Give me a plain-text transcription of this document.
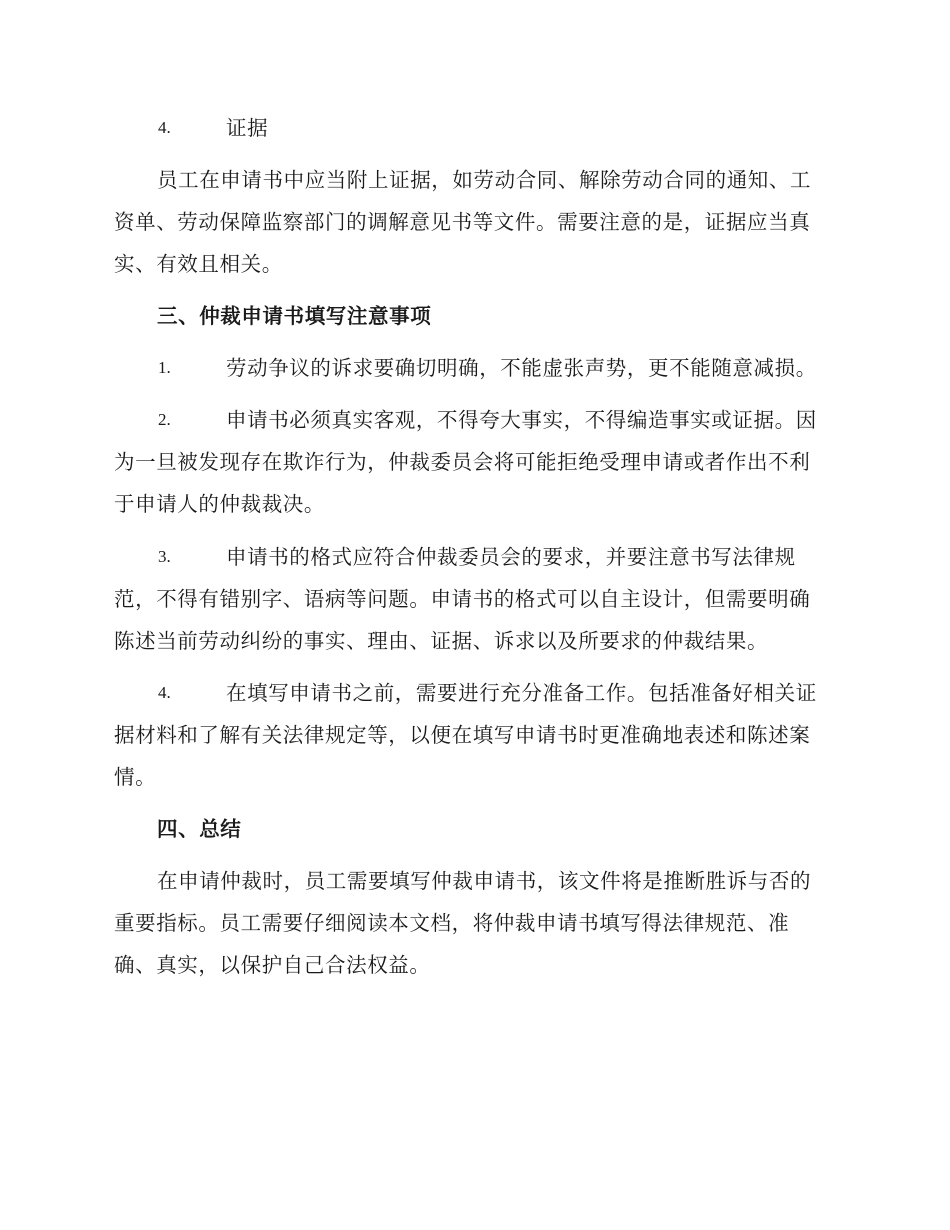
4.	证据
员工在申请书中应当附上证据，如劳动合同、解除劳动合同的通知、工
资单、劳动保障监察部门的调解意见书等文件。需要注意的是，证据应当真
实、有效且相关。
三、仲裁申请书填写注意事项
1.	劳动争议的诉求要确切明确，不能虚张声势，更不能随意减损。
2.	申请书必须真实客观，不得夸大事实，不得编造事实或证据。因
为一旦被发现存在欺诈行为，仲裁委员会将可能拒绝受理申请或者作出不利
于申请人的仲裁裁决。
3.	申请书的格式应符合仲裁委员会的要求，并要注意书写法律规
范，不得有错别字、语病等问题。申请书的格式可以自主设计，但需要明确
陈述当前劳动纠纷的事实、理由、证据、诉求以及所要求的仲裁结果。
4.	在填写申请书之前，需要进行充分准备工作。包括准备好相关证
据材料和了解有关法律规定等，以便在填写申请书时更准确地表述和陈述案
情。
四、总结
在申请仲裁时，员工需要填写仲裁申请书，该文件将是推断胜诉与否的
重要指标。员工需要仔细阅读本文档，将仲裁申请书填写得法律规范、准
确、真实，以保护自己合法权益。
